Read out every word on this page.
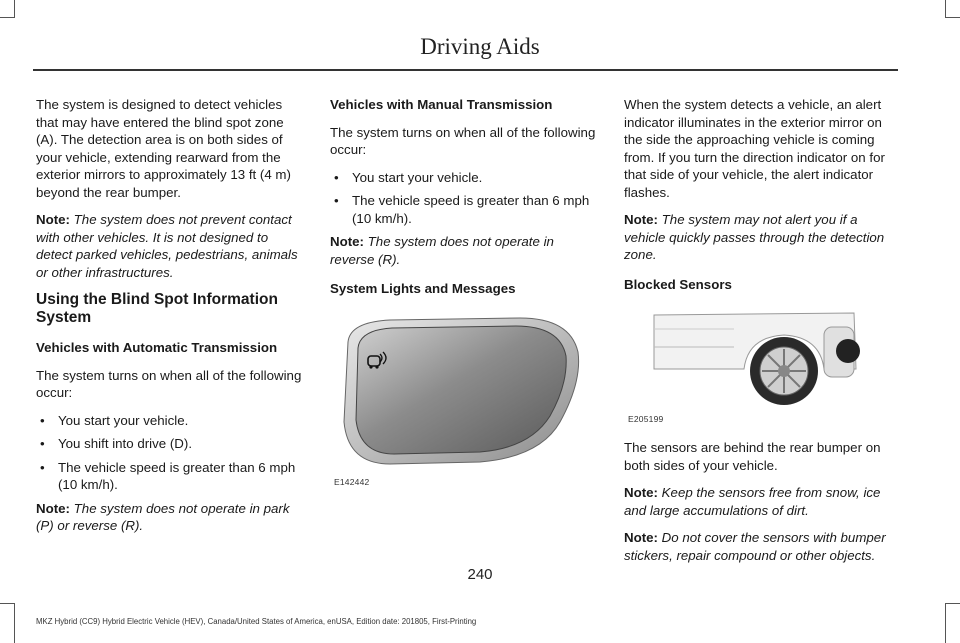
Driving Aids

The system is designed to detect vehicles that may have entered the blind spot zone (A). The detection area is on both sides of your vehicle, extending rearward from the exterior mirrors to approximately 13 ft (4 m) beyond the rear bumper.

Note: The system does not prevent contact with other vehicles. It is not designed to detect parked vehicles, pedestrians, animals or other infrastructures.

Using the Blind Spot Information System
Vehicles with Automatic Transmission

The system turns on when all of the following occur:

• You start your vehicle.
• You shift into drive (D).
• The vehicle speed is greater than 6 mph (10 km/h).

Note: The system does not operate in park (P) or reverse (R).

Vehicles with Manual Transmission

The system turns on when all of the following occur:

• You start your vehicle.
• The vehicle speed is greater than 6 mph (10 km/h).

Note: The system does not operate in reverse (R).

System Lights and Messages
E142442

When the system detects a vehicle, an alert indicator illuminates in the exterior mirror on the side the approaching vehicle is coming from. If you turn the direction indicator on for that side of your vehicle, the alert indicator flashes.

Note: The system may not alert you if a vehicle quickly passes through the detection zone.

Blocked Sensors
E205199

The sensors are behind the rear bumper on both sides of your vehicle.

Note: Keep the sensors free from snow, ice and large accumulations of dirt.

Note: Do not cover the sensors with bumper stickers, repair compound or other objects.

240
MKZ Hybrid (CC9) Hybrid Electric Vehicle (HEV), Canada/United States of America, enUSA, Edition date: 201805, First-Printing
